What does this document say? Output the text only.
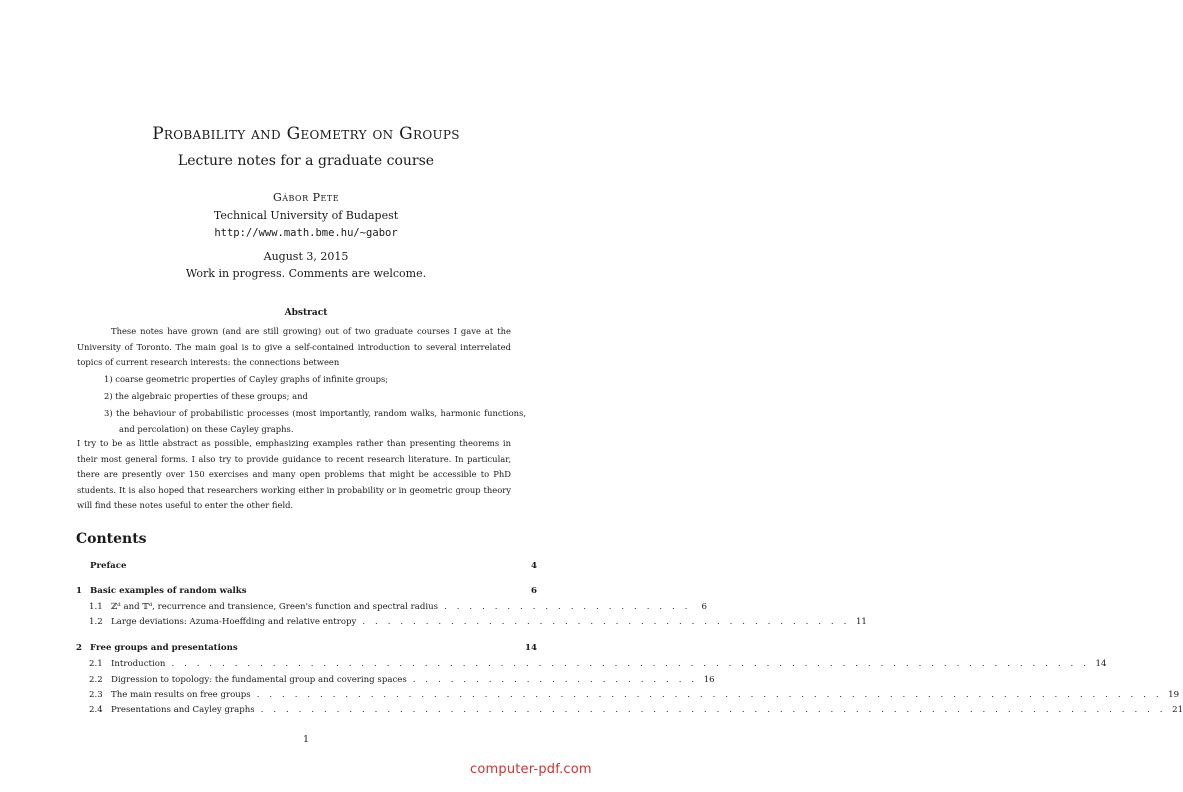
Probability and Geometry on Groups
Lecture notes for a graduate course
Gábor Pete
Technical University of Budapest
http://www.math.bme.hu/~gabor
August 3, 2015
Work in progress. Comments are welcome.
Abstract
These notes have grown (and are still growing) out of two graduate courses I gave at the University of Toronto. The main goal is to give a self-contained introduction to several interrelated topics of current research interests: the connections between
1) coarse geometric properties of Cayley graphs of infinite groups;
2) the algebraic properties of these groups; and
3) the behaviour of probabilistic processes (most importantly, random walks, harmonic functions, and percolation) on these Cayley graphs.
I try to be as little abstract as possible, emphasizing examples rather than presenting theorems in their most general forms. I also try to provide guidance to recent research literature. In particular, there are presently over 150 exercises and many open problems that might be accessible to PhD students. It is also hoped that researchers working either in probability or in geometric group theory will find these notes useful to enter the other field.
Contents
Preface	4
1 Basic examples of random walks	6
1.1 ℤᵈ and 𝕋ᵈ, recurrence and transience, Green's function and spectral radius . . . . . . . . . . . . . . . . . . . .	6
1.2 Large deviations: Azuma-Hoeffding and relative entropy . . . . . . . . . . . . . . . . . . . . . . . . . . . . . . . . . . . . . . . 11
2 Free groups and presentations	14
2.1 Introduction . . . . . . . . . . . . . . . . . . . . . . . . . . . . . . . . . . . . . . . . . . . . . . . . . . . . . . . . . . . . . . . . . . . . . . . . . 14
2.2 Digression to topology: the fundamental group and covering spaces . . . . . . . . . . . . . . . . . . . . . . . 16
2.3 The main results on free groups . . . . . . . . . . . . . . . . . . . . . . . . . . . . . . . . . . . . . . . . . . . . . . . . . . . . . . . . . . . . . . . . . . . . . . . . 19
2.4 Presentations and Cayley graphs . . . . . . . . . . . . . . . . . . . . . . . . . . . . . . . . . . . . . . . . . . . . . . . . . . . . . . . . . . . . . . . . . . . . . . . . 21
1
computer-pdf.com
